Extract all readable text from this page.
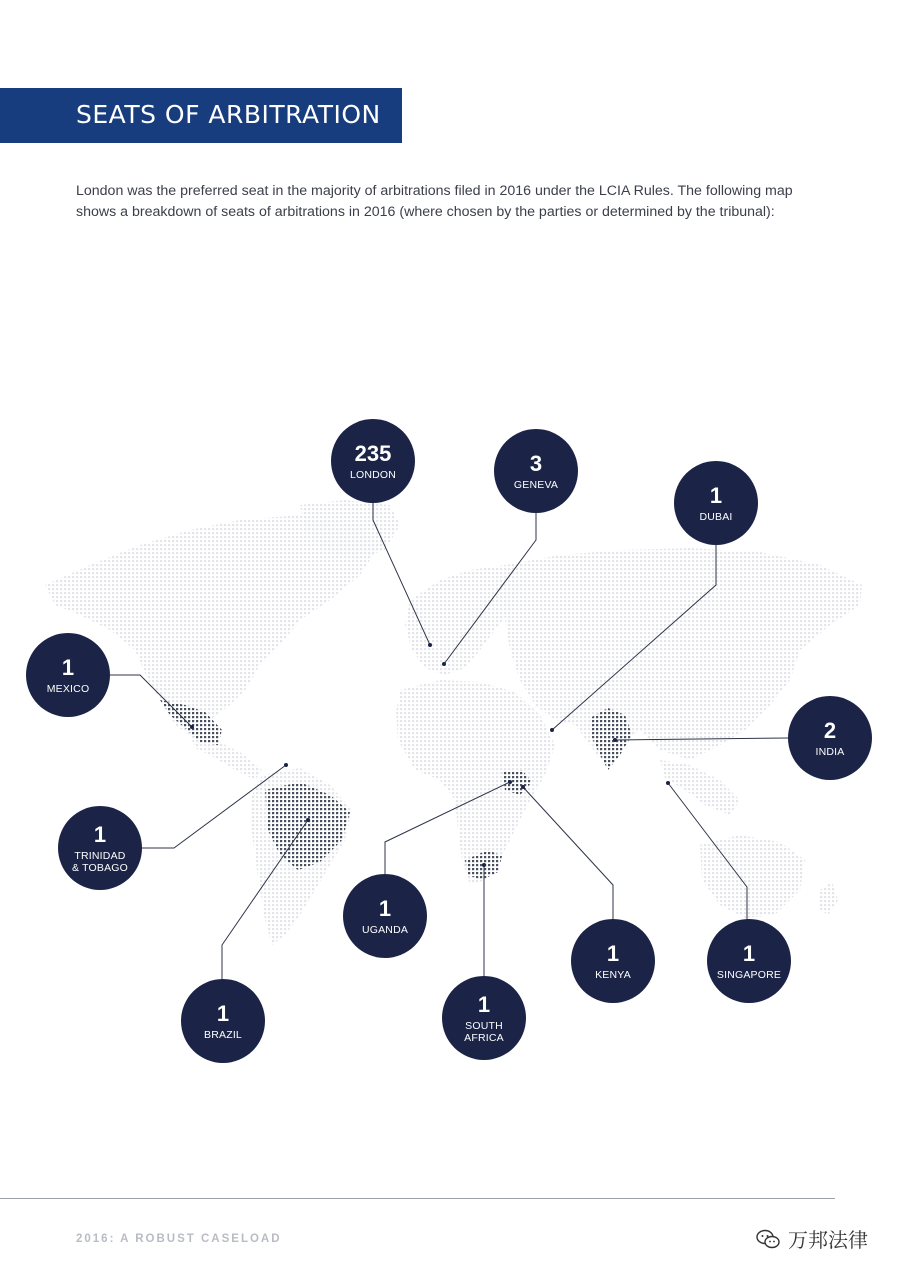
SEATS OF ARBITRATION
London was the preferred seat in the majority of arbitrations filed in 2016 under the LCIA Rules. The following map
shows a breakdown of seats of arbitrations in 2016 (where chosen by the parties or determined by the tribunal):
235
LONDON	3
GENEVA	1
DUBAI
1
MEXICO
2
INDIA
1
TRINIDAD
& TOBAGO
1
UGANDA
1
KENYA
1
SINGAPORE
1
BRAZIL
1
SOUTH
AFRICA
2016: A ROBUST CASELOAD	万邦法律
